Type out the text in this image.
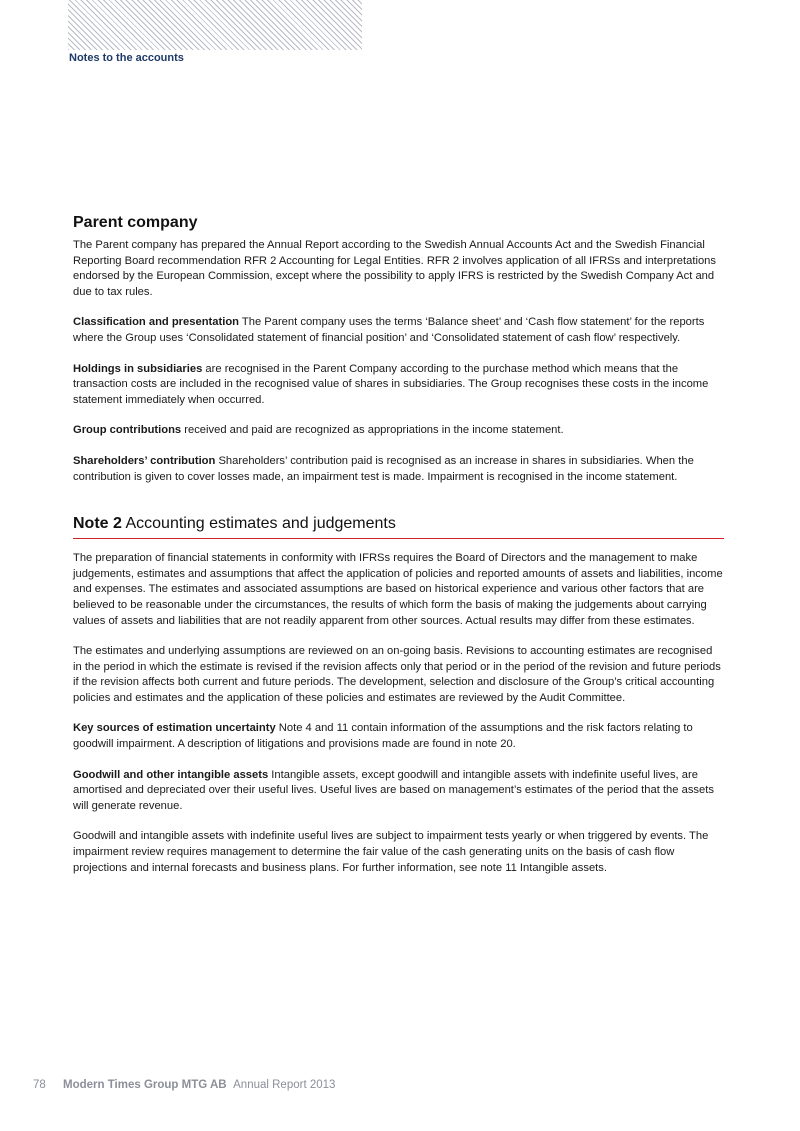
Notes to the accounts
Parent company

The Parent company has prepared the Annual Report according to the Swedish Annual Accounts Act and the Swedish Financial Reporting Board recommendation RFR 2 Accounting for Legal Entities. RFR 2 involves application of all IFRSs and interpretations endorsed by the European Commission, except where the possibility to apply IFRS is restricted by the Swedish Company Act and due to tax rules.

Classification and presentation The Parent company uses the terms ‘Balance sheet’ and ‘Cash flow statement’ for the reports where the Group uses ‘Consolidated statement of financial position’ and ‘Consolidated statement of cash flow’ respectively.

Holdings in subsidiaries are recognised in the Parent Company according to the purchase method which means that the transaction costs are included in the recognised value of shares in subsidiaries. The Group recognises these costs in the income statement immediately when occurred.

Group contributions received and paid are recognized as appropriations in the income statement.

Shareholders’ contribution Shareholders’ contribution paid is recognised as an increase in shares in subsidiaries. When the contribution is given to cover losses made, an impairment test is made. Impairment is recognised in the income statement.

Note 2 Accounting estimates and judgements

The preparation of financial statements in conformity with IFRSs requires the Board of Directors and the management to make judgements, estimates and assumptions that affect the application of policies and reported amounts of assets and liabilities, income and expenses. The estimates and associated assumptions are based on historical experience and various other factors that are believed to be reasonable under the circumstances, the results of which form the basis of making the judgements about carrying values of assets and liabilities that are not readily apparent from other sources. Actual results may differ from these estimates.

The estimates and underlying assumptions are reviewed on an on-going basis. Revisions to accounting estimates are recognised in the period in which the estimate is revised if the revision affects only that period or in the period of the revision and future periods if the revision affects both current and future periods. The development, selection and disclosure of the Group’s critical accounting policies and estimates and the application of these policies and estimates are reviewed by the Audit Committee.

Key sources of estimation uncertainty Note 4 and 11 contain information of the assumptions and the risk factors relating to goodwill impairment. A description of litigations and provisions made are found in note 20.

Goodwill and other intangible assets Intangible assets, except goodwill and intangible assets with indefinite useful lives, are amortised and depreciated over their useful lives. Useful lives are based on management’s estimates of the period that the assets will generate revenue.

Goodwill and intangible assets with indefinite useful lives are subject to impairment tests yearly or when triggered by events. The impairment review requires management to determine the fair value of the cash generating units on the basis of cash flow projections and internal forecasts and business plans. For further information, see note 11 Intangible assets.

78 Modern Times Group MTG AB Annual Report 2013
